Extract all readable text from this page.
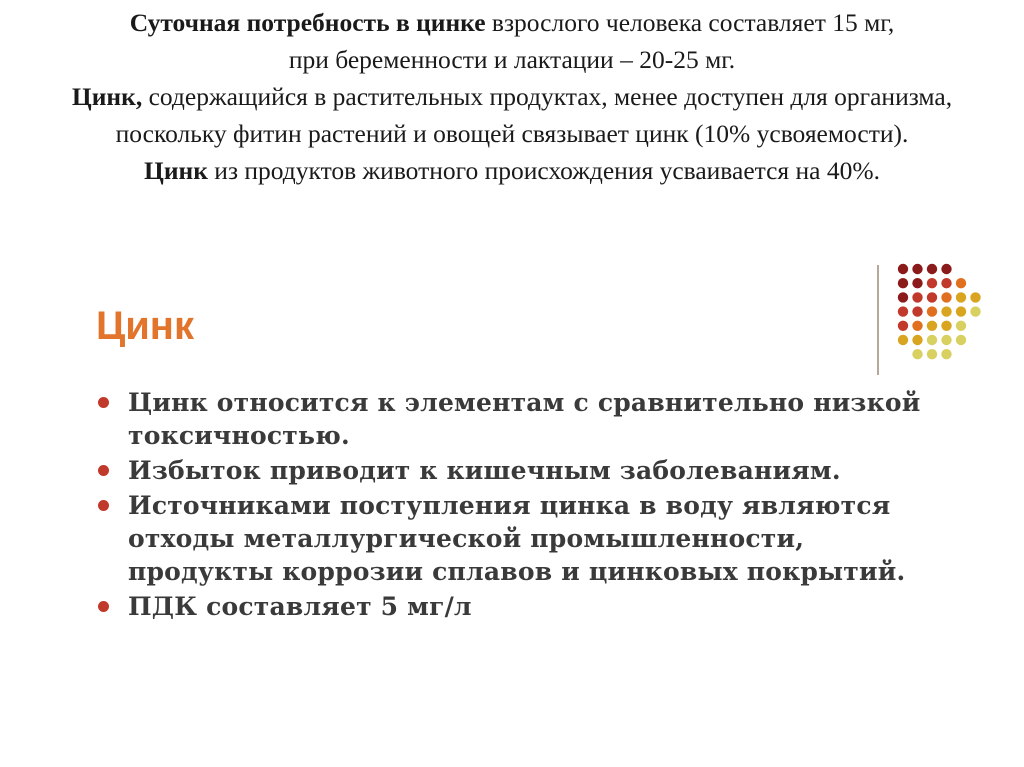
Суточная потребность в цинке взрослого человека составляет 15 мг,
при беременности и лактации – 20-25 мг.

Цинк, содержащийся в растительных продуктах, менее доступен для организма, поскольку фитин растений и овощей связывает цинк (10% усвояемости).

Цинк из продуктов животного происхождения усваивается на 40%.

Цинк
Цинк относится к элементам с сравнительно низкой токсичностью.
Избыток приводит к кишечным заболеваниям.
Источниками поступления цинка в воду являются отходы металлургической промышленности, продукты коррозии сплавов и цинковых покрытий.
ПДК составляет 5 мг/л
